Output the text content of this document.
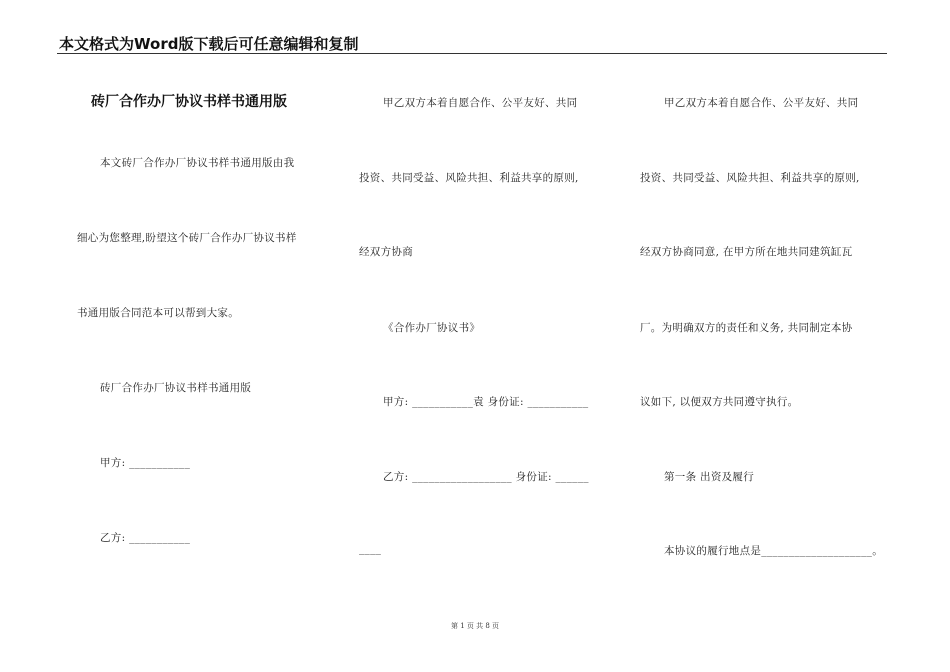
本文格式为Word版下载后可任意编辑和复制
砖厂合作办厂协议书样书通用版
本文砖厂合作办厂协议书样书通用版由我
细心为您整理,盼望这个砖厂合作办厂协议书样
书通用版合同范本可以帮到大家。
砖厂合作办厂协议书样书通用版
甲方: ___________
乙方: ___________
甲乙双方本着自愿合作、公平友好、共同
投资、共同受益、风险共担、利益共享的原则,
经双方协商
《合作办厂协议书》
甲方: ___________袁 身份证: ___________
乙方: __________________ 身份证: ______
____
甲乙双方本着自愿合作、公平友好、共同
投资、共同受益、风险共担、利益共享的原则,
经双方协商同意, 在甲方所在地共同建筑缸瓦
厂。为明确双方的责任和义务, 共同制定本协
议如下, 以便双方共同遵守执行。
第一条 出资及履行
本协议的履行地点是____________________。
第 1 页 共 8 页
